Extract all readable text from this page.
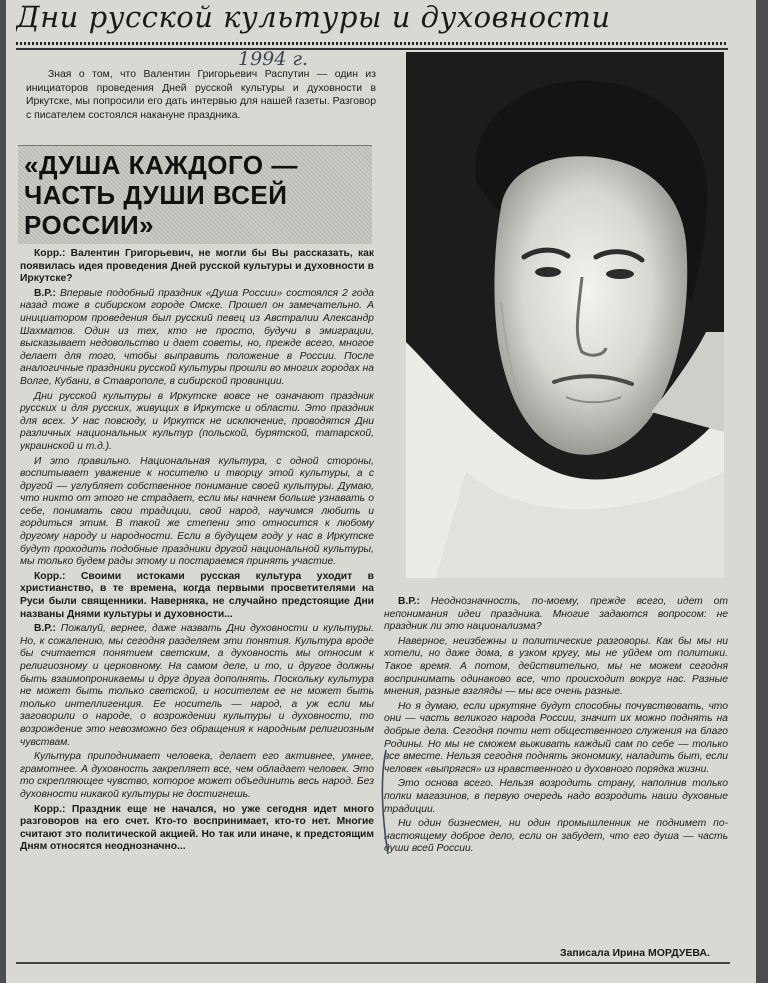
Дни русской культуры и духовности
1994 г.
Зная о том, что Валентин Григорьевич Распутин — один из инициаторов проведения Дней русской культуры и духовности в Иркутске, мы попросили его дать интервью для нашей газеты. Разговор с писателем состоялся накануне праздника.
«ДУША КАЖДОГО — ЧАСТЬ ДУШИ ВСЕЙ РОССИИ»

Корр.: Валентин Григорьевич, не могли бы Вы рассказать, как появилась идея проведения Дней русской культуры и духовности в Иркутске?

В.Р.: Впервые подобный праздник «Душа России» состоялся 2 года назад тоже в сибирском городе Омске. Прошел он замечательно. А инициатором проведения был русский певец из Австралии Александр Шахматов. Один из тех, кто не просто, будучи в эмиграции, высказывает недовольство и дает советы, но, прежде всего, многое делает для того, чтобы выправить положение в России. После аналогичные праздники русской культуры прошли во многих городах на Волге, Кубани, в Ставрополе, в сибирской провинции.

Дни русской культуры в Иркутске вовсе не означают праздник русских и для русских, живущих в Иркутске и области. Это праздник для всех. У нас повсюду, и Иркутск не исключение, проводятся Дни различных национальных культур (польской, бурятской, татарской, украинской и т.д.).

И это правильно. Национальная культура, с одной стороны, воспитывает уважение к носителю и творцу этой культуры, а с другой — углубляет собственное понимание своей культуры. Думаю, что никто от этого не страдает, если мы начнем больше узнавать о себе, понимать свои традиции, свой народ, научимся любить и гордиться этим. В такой же степени это относится к любому другому народу и народности. Если в будущем году у нас в Иркутске будут проходить подобные праздники другой национальной культуры, мы только будем рады этому и постараемся принять участие.

Корр.: Своими истоками русская культура уходит в христианство, в те времена, когда первыми просветителями на Руси были священники. Наверняка, не случайно предстоящие Дни названы Днями культуры и духовности...

В.Р.: Пожалуй, вернее, даже назвать Дни духовности и культуры. Но, к сожалению, мы сегодня разделяем эти понятия. Культура вроде бы считается понятием светским, а духовность мы относим к религиозному и церковному. На самом деле, и то, и другое должны быть взаимопроникаемы и друг друга дополнять. Поскольку культура не может быть только светской, и носителем ее не может быть только интеллигенция. Ее носитель — народ, а уж если мы заговорили о народе, о возрождении культуры и духовности, то возрождение это невозможно без обращения к народным религиозным чувствам.

Культура приподнимает человека, делает его активнее, умнее, грамотнее. А духовность закрепляет все, чем обладает человек. Это то скрепляющее чувство, которое может объединить весь народ. Без духовности никакой культуры не достигнешь.

Корр.: Праздник еще не начался, но уже сегодня идет много разговоров на его счет. Кто-то воспринимает, кто-то нет. Многие считают это политической акцией. Но так или иначе, к предстоящим Дням относятся неоднозначно...

В.Р.: Неоднозначность, по-моему, прежде всего, идет от непонимания идеи праздника. Многие задаются вопросом: не праздник ли это национализма?

Наверное, неизбежны и политические разговоры. Как бы мы ни хотели, но даже дома, в узком кругу, мы не уйдем от политики. Такое время. А потом, действительно, мы не можем сегодня воспринимать одинаково все, что происходит вокруг нас. Разные мнения, разные взгляды — мы все очень разные.

Но я думаю, если иркутяне будут способны почувствовать, что они — часть великого народа России, значит их можно поднять на добрые дела. Сегодня почти нет общественного служения на благо Родины. Но мы не сможем выживать каждый сам по себе — только все вместе. Нельзя сегодня поднять экономику, наладить быт, если человек «выпрягся» из нравственного и духовного порядка жизни.

Это основа всего. Нельзя возродить страну, наполнив только полки магазинов, в первую очередь надо возродить наши духовные традиции.

Ни один бизнесмен, ни один промышленник не поднимет по-настоящему доброе дело, если он забудет, что его душа — часть души всей России.

Записала Ирина МОРДУЕВА.
